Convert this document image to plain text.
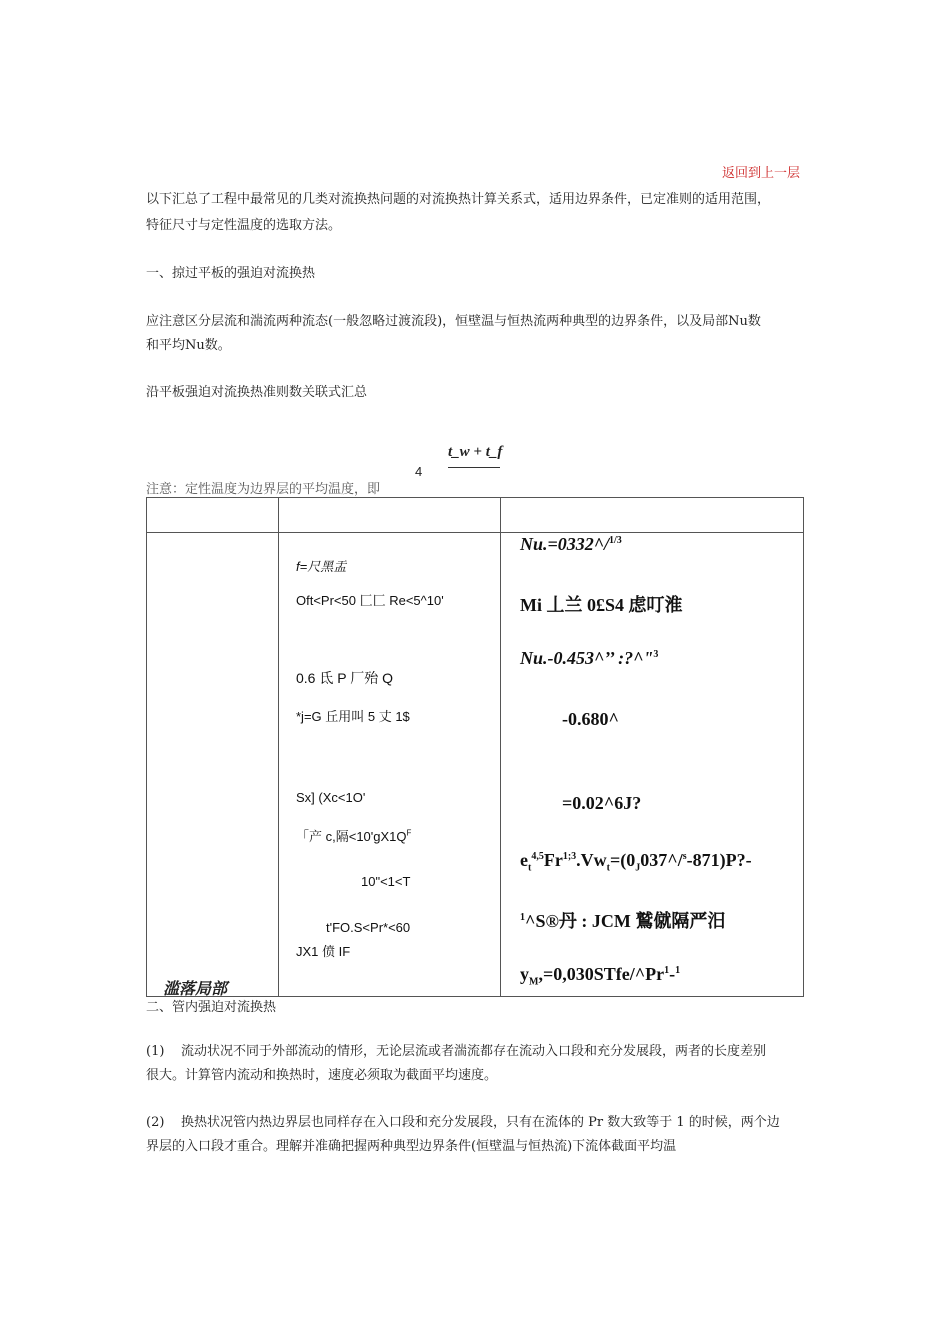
返回到上一层
以下汇总了工程中最常见的几类对流换热问题的对流换热计算关系式，适用边界条件，已定准则的适用范围，
特征尺寸与定性温度的选取方法。
一、掠过平板的强迫对流换热
应注意区分层流和湍流两种流态(一般忽略过渡流段)，恒壁温与恒热流两种典型的边界条件，以及局部Nu数
和平均Nu数。
沿平板强迫对流换热准则数关联式汇总
t_w + t_f
4
注意：定性温度为边界层的平均温度，即
滥落局部
f=尺黑盂
Oft<Pr<50 匚匚 Re<5^10'
0.6 氐 P 厂殆 Q
*j=G 丘用叫 5 丈 1$
Sx] (Xc<1O'
「产 c,隔$<10'gX1Q^F$
10"<1<T
t'FO.S<Pr*<60
JX1 偾 IF
Nu.=0332^/$^{1/3}$
Mi 丄兰 0£S4 虑叮淮
Nu.-0.453^’’ :?^"$^3$
-0.680^
=0.02^6J?
$e_t^{4,5}Fr^{1;3}.Vw_t=(0_J037\^{}/^s-871)P?-$
$^1$^S®丹 : JCM 鷲僦隔严汨
$y_M,=0,030STfe/\^{}Pr^1-^1$
二、管内强迫对流换热
(1) 流动状况不同于外部流动的情形，无论层流或者湍流都存在流动入口段和充分发展段，两者的长度差别
很大。计算管内流动和换热时，速度必须取为截面平均速度。
(2) 换热状况管内热边界层也同样存在入口段和充分发展段，只有在流体的 Pr 数大致等于 1 的时候，两个边
界层的入口段才重合。理解并准确把握两种典型边界条件(恒壁温与恒热流)下流体截面平均温
